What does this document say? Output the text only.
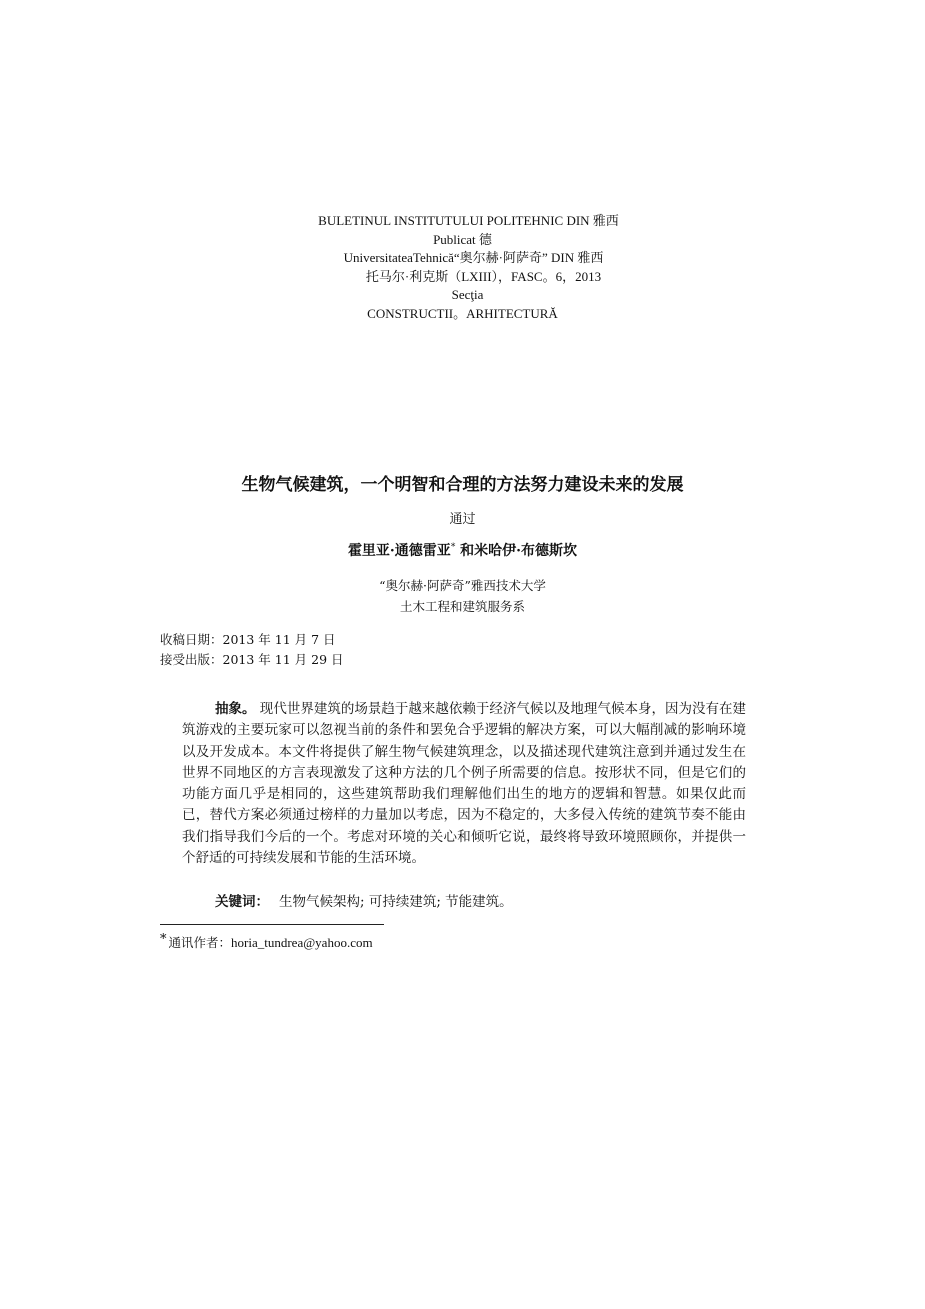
BULETINUL INSTITUTULUI POLITEHNIC DIN 雅西
Publicat 德
UniversitateaTehnică“奥尔赫·阿萨奇” DIN 雅西
托马尔·利克斯（LXIII），FASC。6，2013
Secţia
CONSTRUCTII。ARHITECTURĂ
生物气候建筑，一个明智和合理的方法努力建设未来的发展
通过
霍里亚·通德雷亚* 和米哈伊·布德斯坎
“奥尔赫·阿萨奇”雅西技术大学
土木工程和建筑服务系
收稿日期：2013 年 11 月 7 日
接受出版：2013 年 11 月 29 日
抽象。 现代世界建筑的场景趋于越来越依赖于经济气候以及地理气候本身，因为没有在建筑游戏的主要玩家可以忽视当前的条件和罢免合乎逻辑的解决方案，可以大幅削减的影响环境以及开发成本。本文件将提供了解生物气候建筑理念，以及描述现代建筑注意到并通过发生在世界不同地区的方言表现激发了这种方法的几个例子所需要的信息。按形状不同，但是它们的功能方面几乎是相同的，这些建筑帮助我们理解他们出生的地方的逻辑和智慧。如果仅此而已，替代方案必须通过榜样的力量加以考虑，因为不稳定的，大多侵入传统的建筑节奏不能由我们指导我们今后的一个。考虑对环境的关心和倾听它说，最终将导致环境照顾你，并提供一个舒适的可持续发展和节能的生活环境。
关键词： 生物气候架构; 可持续建筑; 节能建筑。
* 通讯作者：horia_tundrea@yahoo.com
